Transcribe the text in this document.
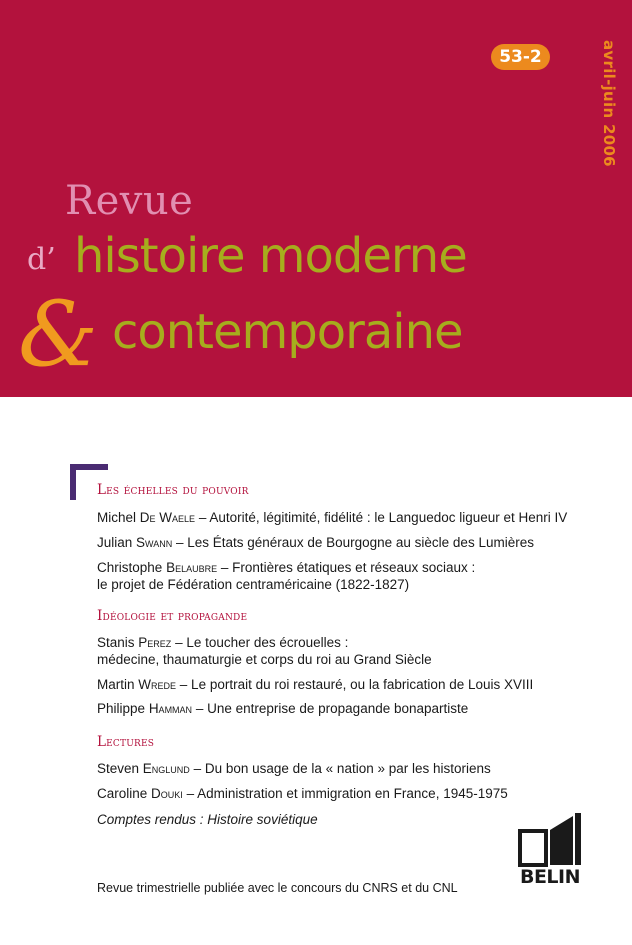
53-2	avril-juin 2006
Revue
d’ histoire moderne
& contemporaine
Les échelles du pouvoir
Michel De Waele – Autorité, légitimité, fidélité : le Languedoc ligueur et Henri IV
Julian Swann – Les États généraux de Bourgogne au siècle des Lumières
Christophe Belaubre – Frontières étatiques et réseaux sociaux :
le projet de Fédération centraméricaine (1822-1827)
Idéologie et propagande
Stanis Perez – Le toucher des écrouelles :
médecine, thaumaturgie et corps du roi au Grand Siècle
Martin Wrede – Le portrait du roi restauré, ou la fabrication de Louis XVIII
Philippe Hamman – Une entreprise de propagande bonapartiste
Lectures
Steven Englund – Du bon usage de la « nation » par les historiens
Caroline Douki – Administration et immigration en France, 1945-1975
Comptes rendus : Histoire soviétique
BELIN
Revue trimestrielle publiée avec le concours du CNRS et du CNL
